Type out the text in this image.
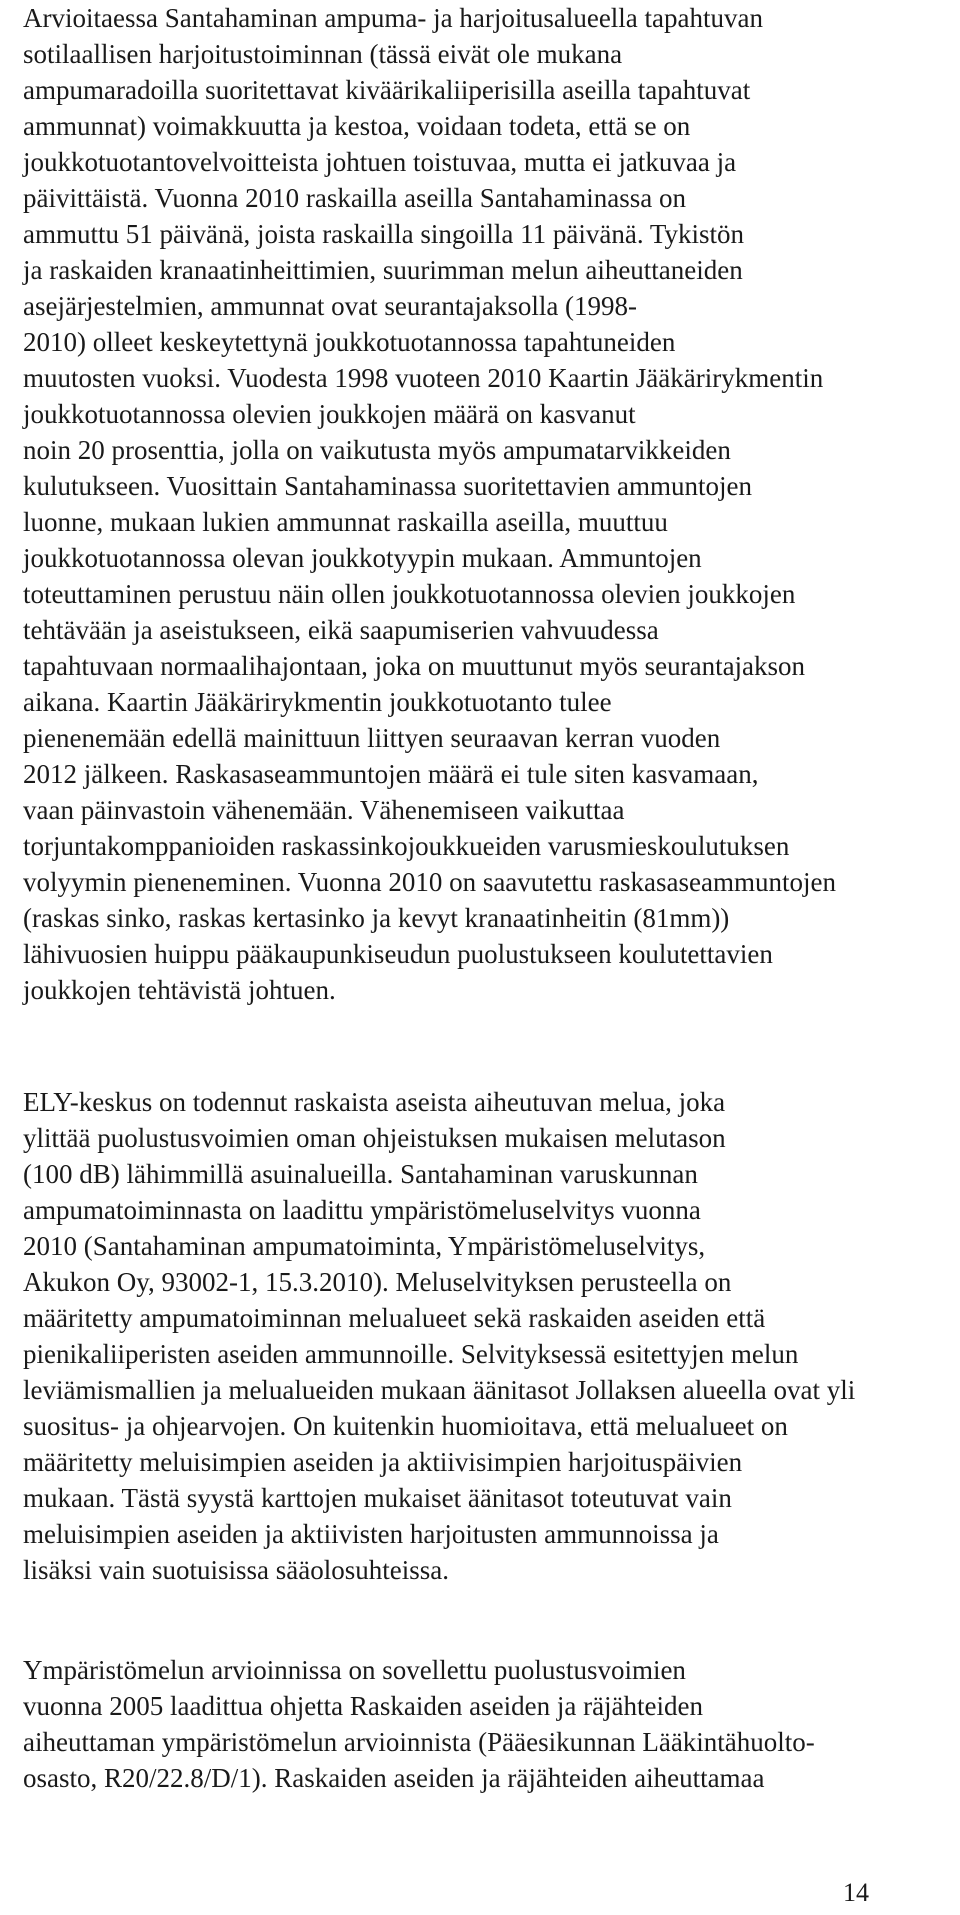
Arvioitaessa Santahaminan ampuma- ja harjoitusalueella tapahtuvan
sotilaallisen harjoitustoiminnan (tässä eivät ole mukana
ampumaradoilla suoritettavat kiväärikaliiperisilla aseilla tapahtuvat
ammunnat) voimakkuutta ja kestoa, voidaan todeta, että se on
joukkotuotantovelvoitteista johtuen toistuvaa, mutta ei jatkuvaa ja
päivittäistä. Vuonna 2010 raskailla aseilla Santahaminassa on
ammuttu 51 päivänä, joista raskailla singoilla 11 päivänä. Tykistön
ja raskaiden kranaatinheittimien, suurimman melun aiheuttaneiden
asejärjestelmien, ammunnat ovat seurantajaksolla (1998-
2010) olleet keskeytettynä joukkotuotannossa tapahtuneiden
muutosten vuoksi. Vuodesta 1998 vuoteen 2010 Kaartin Jääkärirykmentin
joukkotuotannossa olevien joukkojen määrä on kasvanut
noin 20 prosenttia, jolla on vaikutusta myös ampumatarvikkeiden
kulutukseen. Vuosittain Santahaminassa suoritettavien ammuntojen
luonne, mukaan lukien ammunnat raskailla aseilla, muuttuu
joukkotuotannossa olevan joukkotyypin mukaan. Ammuntojen
toteuttaminen perustuu näin ollen joukkotuotannossa olevien joukkojen
tehtävään ja aseistukseen, eikä saapumiserien vahvuudessa
tapahtuvaan normaalihajontaan, joka on muuttunut myös seurantajakson
aikana. Kaartin Jääkärirykmentin joukkotuotanto tulee
pienenemään edellä mainittuun liittyen seuraavan kerran vuoden
2012 jälkeen. Raskasaseammuntojen määrä ei tule siten kasvamaan,
vaan päinvastoin vähenemään. Vähenemiseen vaikuttaa
torjuntakomppanioiden raskassinkojoukkueiden varusmieskoulutuksen
volyymin pieneneminen. Vuonna 2010 on saavutettu raskasaseammuntojen
(raskas sinko, raskas kertasinko ja kevyt kranaatinheitin (81mm))
lähivuosien huippu pääkaupunkiseudun puolustukseen koulutettavien
joukkojen tehtävistä johtuen.
ELY-keskus on todennut raskaista aseista aiheutuvan melua, joka
ylittää puolustusvoimien oman ohjeistuksen mukaisen melutason
(100 dB) lähimmillä asuinalueilla. Santahaminan varuskunnan
ampumatoiminnasta on laadittu ympäristömeluselvitys vuonna
2010 (Santahaminan ampumatoiminta, Ympäristömeluselvitys,
Akukon Oy, 93002-1, 15.3.2010). Meluselvityksen perusteella on
määritetty ampumatoiminnan melualueet sekä raskaiden aseiden että
pienikaliiperisten aseiden ammunnoille. Selvityksessä esitettyjen melun
leviämismallien ja melualueiden mukaan äänitasot Jollaksen alueella ovat yli
suositus- ja ohjearvojen. On kuitenkin huomioitava, että melualueet on
määritetty meluisimpien aseiden ja aktiivisimpien harjoituspäivien
mukaan. Tästä syystä karttojen mukaiset äänitasot toteutuvat vain
meluisimpien aseiden ja aktiivisten harjoitusten ammunnoissa ja
lisäksi vain suotuisissa sääolosuhteissa.
Ympäristömelun arvioinnissa on sovellettu puolustusvoimien
vuonna 2005 laadittua ohjetta Raskaiden aseiden ja räjähteiden
aiheuttaman ympäristömelun arvioinnista (Pääesikunnan Lääkintähuolto-
osasto, R20/22.8/D/1). Raskaiden aseiden ja räjähteiden aiheuttamaa
14
